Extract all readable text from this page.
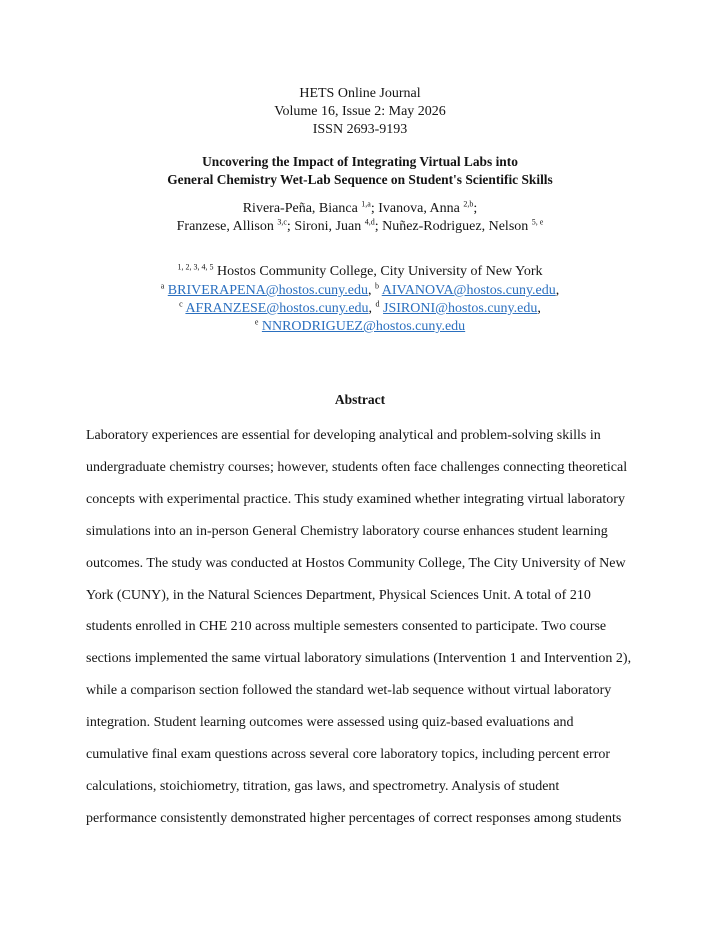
HETS Online Journal
Volume 16, Issue 2: May 2026
ISSN 2693-9193
Uncovering the Impact of Integrating Virtual Labs into
General Chemistry Wet-Lab Sequence on Student's Scientific Skills
Rivera-Peña, Bianca $^{1,a}$; Ivanova, Anna $^{2,b}$;
Franzese, Allison $^{3,c}$; Sironi, Juan $^{4,d}$; Nuñez-Rodriguez, Nelson $^{5, e}$
$^{1, 2, 3, 4, 5}$ Hostos Community College, City University of New York
$^a$ BRIVERAPENA@hostos.cuny.edu, $^b$ AIVANOVA@hostos.cuny.edu,
$^c$ AFRANZESE@hostos.cuny.edu, $^d$ JSIRONI@hostos.cuny.edu,
$^e$ NNRODRIGUEZ@hostos.cuny.edu
Abstract
Laboratory experiences are essential for developing analytical and problem-solving skills in
undergraduate chemistry courses; however, students often face challenges connecting theoretical
concepts with experimental practice. This study examined whether integrating virtual laboratory
simulations into an in-person General Chemistry laboratory course enhances student learning
outcomes. The study was conducted at Hostos Community College, The City University of New
York (CUNY), in the Natural Sciences Department, Physical Sciences Unit. A total of 210
students enrolled in CHE 210 across multiple semesters consented to participate. Two course
sections implemented the same virtual laboratory simulations (Intervention 1 and Intervention 2),
while a comparison section followed the standard wet-lab sequence without virtual laboratory
integration. Student learning outcomes were assessed using quiz-based evaluations and
cumulative final exam questions across several core laboratory topics, including percent error
calculations, stoichiometry, titration, gas laws, and spectrometry. Analysis of student
performance consistently demonstrated higher percentages of correct responses among students
